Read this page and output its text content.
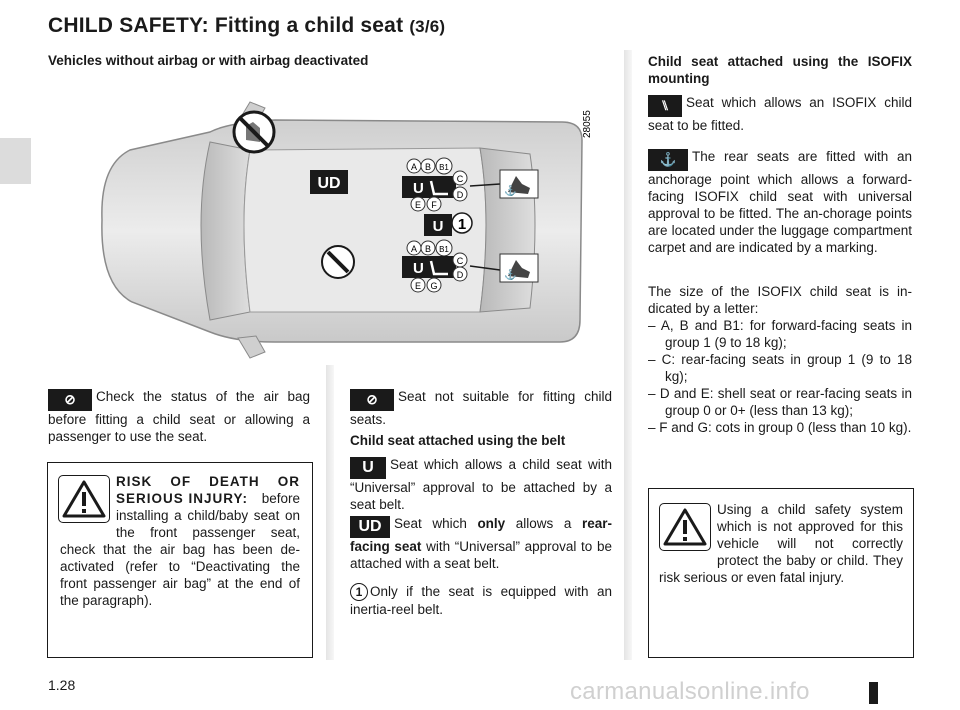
CHILD SAFETY: Fitting a child seat (3/6)
Vehicles without airbag or with airbag deactivated
UD
A B B1
U
C
D
E F
U 1
A B B1
U	C
D
E G
⚓
⚓
28055
⊘ Check the status of the air bag before fitting a child seat or allowing a passenger to use the seat.
RISK OF DEATH OR SERIOUS INJURY:	before installing a child/baby seat on the front passenger seat, check that the air bag has been de-activated (refer to “Deactivating the front passenger air bag” at the end of the paragraph).
⊘ Seat not suitable for fitting child seats.
Child seat attached using the belt
U Seat which allows a child seat with “Universal” approval to be attached by a seat belt.
UD Seat which only allows a rear-facing seat with “Universal” approval to be attached with a seat belt.
1 Only if the seat is equipped with an inertia-reel belt.
Child seat attached using the ISOFIX mounting
⑊ Seat which allows an ISOFIX child seat to be fitted.
⚓ The rear seats are fitted with an anchorage point which allows a forward-facing ISOFIX child seat with universal approval to be fitted. The an-chorage points are located under the luggage compartment carpet and are indicated by a marking.
The size of the ISOFIX child seat is in-dicated by a letter:
– A, B and B1: for forward-facing seats in group 1 (9 to 18 kg);
– C: rear-facing seats in group 1 (9 to 18 kg);
– D and E: shell seat or rear-facing seats in group 0 or 0+ (less than 13 kg);
– F and G: cots in group 0 (less than 10 kg).
Using a child safety system which is not approved for this vehicle will not correctly protect the baby or child. They risk serious or even fatal injury.
1.28	carmanualsonline.info
